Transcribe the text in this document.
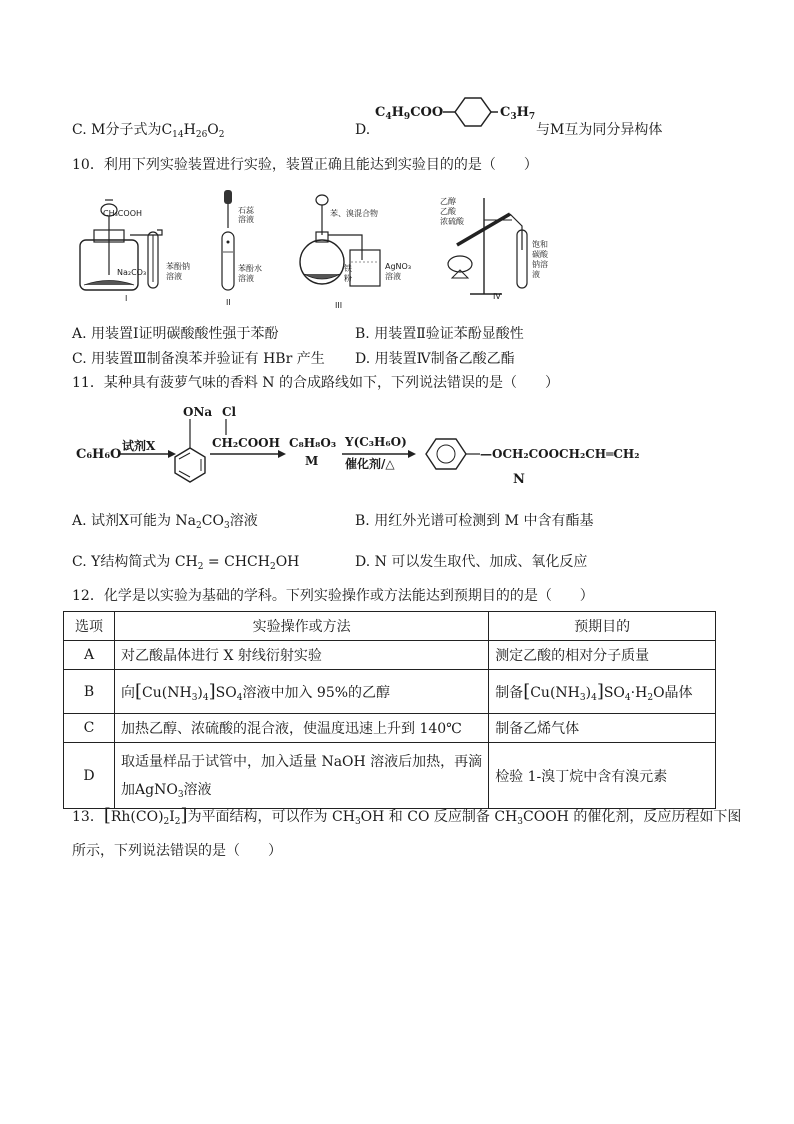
C. M分子式为$C_{14}H_{26}O_2$	D.
$C_4H_9COO$	$C_3H_7$
与M互为同分异构体
10．利用下列实验装置进行实验，装置正确且能达到实验目的的是（　　）
CH₃COOH
Na₂CO₃
苯酚钠
溶液
I
石蕊
溶液
苯酚水
溶液
II
苯、溴混合物
铁
粉
AgNO₃
溶液
III
乙醇
乙酸
浓硫酸
饱和
碳酸
钠溶
液
IV
A. 用装置Ⅰ证明碳酸酸性强于苯酚	B. 用装置Ⅱ验证苯酚显酸性
C. 用装置Ⅲ制备溴苯并验证有 HBr 产生 D. 用装置Ⅳ制备乙酸乙酯
11．某种具有菠萝气味的香料 N 的合成路线如下，下列说法错误的是（　　）
C₆H₆O
试剂X
ONa Cl
CH₂COOH C₈H₈O₃
M
Y(C₃H₆O)
催化剂/△
—OCH₂COOCH₂CH═CH₂
N
A. 试剂X可能为 $Na_2CO_3$溶液	B. 用红外光谱可检测到 M 中含有酯基
C. Y结构简式为 $CH_2$ = $CHCH_2OH$	D. N 可以发生取代、加成、氧化反应
12．化学是以实验为基础的学科。下列实验操作或方法能达到预期目的的是（　　）
选项	实验操作或方法	预期目的
A	对乙酸晶体进行 X 射线衍射实验	测定乙酸的相对分子质量
B	向$[Cu(NH_3)_4]SO_4$溶液中加入 95%的乙醇	制备$[Cu(NH_3)_4]SO_4\cdot H_2O$晶体
C	加热乙醇、浓硫酸的混合液，使温度迅速上升到 140℃	制备乙烯气体
D	取适量样品于试管中，加入适量 NaOH 溶液后加热，再滴
加AgNO$_3$溶液	检验 1-溴丁烷中含有溴元素
13．$[Rh(CO)_2I_2]$为平面结构，可以作为 $CH_3OH$ 和 CO 反应制备 $CH_3COOH$ 的催化剂，反应历程如下图
所示，下列说法错误的是（　　）
